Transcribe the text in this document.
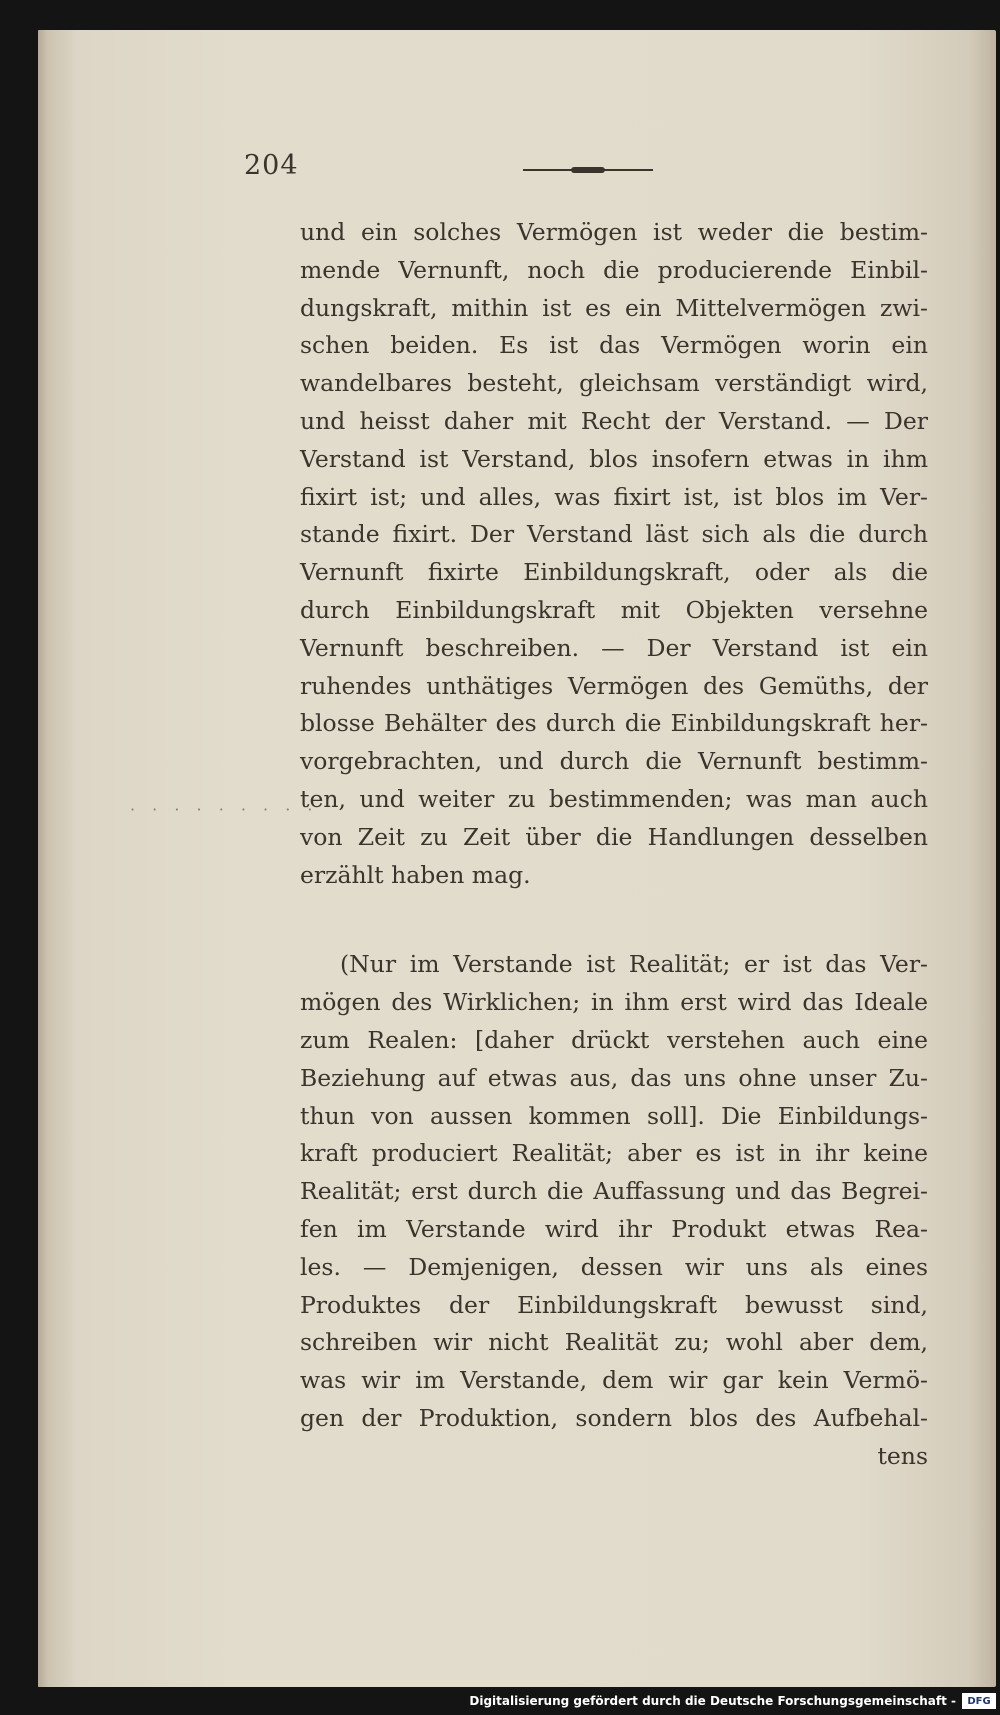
204
· · · · · · · · ·
und ein solches Vermögen ist weder die bestim-
mende Vernunft, noch die producierende Einbil-
dungskraft, mithin ist es ein Mittelvermögen zwi-
schen beiden. Es ist das Vermögen worin ein
wandelbares besteht, gleichsam verständigt wird,
und heisst daher mit Recht der Verstand. — Der
Verstand ist Verstand, blos insofern etwas in ihm
fixirt ist; und alles, was fixirt ist, ist blos im Ver-
stande fixirt. Der Verstand läst sich als die durch
Vernunft fixirte Einbildungskraft, oder als die
durch Einbildungskraft mit Objekten versehne
Vernunft beschreiben. — Der Verstand ist ein
ruhendes unthätiges Vermögen des Gemüths, der
blosse Behälter des durch die Einbildungskraft her-
vorgebrachten, und durch die Vernunft bestimm-
ten, und weiter zu bestimmenden; was man auch
von Zeit zu Zeit über die Handlungen desselben
erzählt haben mag.
(Nur im Verstande ist Realität; er ist das Ver-
mögen des Wirklichen; in ihm erst wird das Ideale
zum Realen: [daher drückt verstehen auch eine
Beziehung auf etwas aus, das uns ohne unser Zu-
thun von aussen kommen soll]. Die Einbildungs-
kraft produciert Realität; aber es ist in ihr keine
Realität; erst durch die Auffassung und das Begrei-
fen im Verstande wird ihr Produkt etwas Rea-
les. — Demjenigen, dessen wir uns als eines
Produktes der Einbildungskraft bewusst sind,
schreiben wir nicht Realität zu; wohl aber dem,
was wir im Verstande, dem wir gar kein Vermö-
gen der Produktion, sondern blos des Aufbehal-
tens
Digitalisierung gefördert durch die Deutsche Forschungsgemeinschaft -	DFG
